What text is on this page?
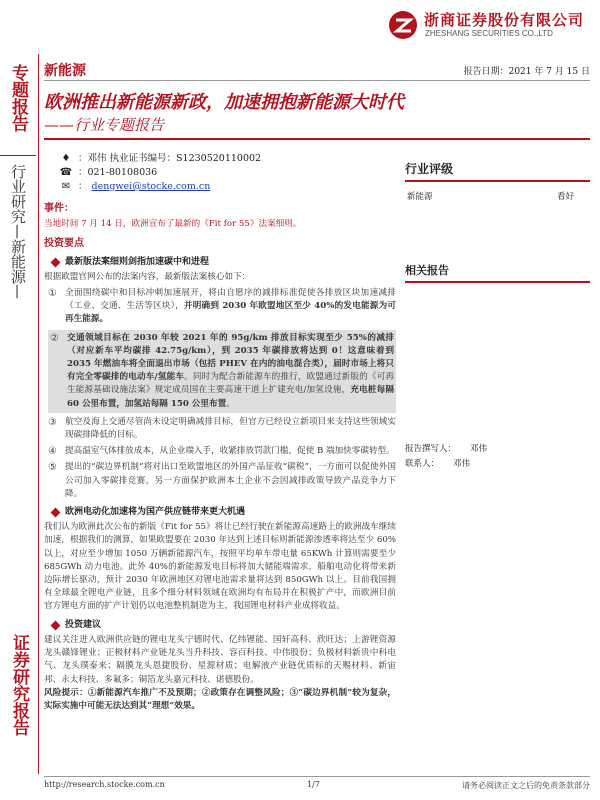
浙商证券股份有限公司
ZHESHANG SECURITIES CO.,LTD
专题报告
行业研究—新能源—
证券研究报告
新能源	报告日期：2021 年 7 月 15 日
欧洲推出新能源新政，加速拥抱新能源大时代
——行业专题报告
♦ ：邓伟 执业证书编号：S1230520110002
☎ ：021-80108036
✉ ： dengwei@stocke.com.cn
事件：
当地时间 7 月 14 日，欧洲宣布了最新的《Fit for 55》法案细则。
投资要点
最新版法案细则剑指加速碳中和进程
根据欧盟官网公布的法案内容，最新版法案核心如下：
① 全面围绕碳中和目标冲刺加速展开，将由自愿序的减排标准促使各排放区块加速减排（工业、交通、生活等区块），并明确到 2030 年欧盟地区至少 40%的发电能源为可再生能源。
② 交通领域目标在 2030 年较 2021 年的 95g/km 排放目标实现至少 55%的减排（对应新车平均碳排 42.75g/km），到 2035 年碳排放将达到 0！这意味着到 2035 年燃油车将全面退出市场（包括 PHEV 在内的油电混合类），届时市场上将只有完全零碳排的电动车/氢能车。同时为配合新能源车的推行，欧盟通过新版的《可再生能源基础设施法案》规定成员国在主要高速干道上扩建充电/加氢设施，充电桩每隔 60 公里布置，加氢站每隔 150 公里布置。
③ 航空及海上交通尽管尚未设定明确减排目标，但官方已经设立新项目来支持这些领域实现碳排降低的目标。
④ 提高温室气体排放成本，从企业端入手，收紧排放罚款门槛，促使 B 端加快零碳转型。
⑤ 提出的“碳边界机制”将对出口至欧盟地区的外国产品征收“碳税”，一方面可以促使外国公司加入零碳排竞赛，另一方面保护欧洲本土企业不会因减排政策导致产品竞争力下降。
欧洲电动化加速将为国产供应链带来更大机遇
我们认为欧洲此次公布的新版《Fit for 55》将让已经行驶在新能源高速路上的欧洲战车继续加速，根据我们的测算，如果欧盟要在 2030 年达到上述目标则新能源渗透率将达至少 60%以上，对应至少增加 1050 万辆新能源汽车，按照平均单车带电量 65KWh 计算则需要至少 685GWh 动力电池。此外 40%的新能源发电目标将加大储能端需求，船舶电动化将带来新边际增长驱动，预计 2030 年欧洲地区对锂电池需求量将达到 850GWh 以上。目前我国拥有全球最全锂电产业链，且多个细分材料领域在欧洲均有布局并在积极扩产中，而欧洲目前官方锂电方面的扩产计划仍以电池整机制造为主，我国锂电材料产业成将收益。
投资建议
建议关注进入欧洲供应链的锂电龙头宁德时代、亿纬锂能、国轩高科、欣旺达；上游锂资源龙头赣锋锂业；正极材料产业链龙头当升科技、容百科技、中伟股份；负极材料新贵中科电气、龙头璞泰来；隔膜龙头恩捷股份、星源材质；电解液产业链优质标的天赐材料、新宙邦、永太科技、多氟多；铜箔龙头嘉元科技、诺德股份。
风险提示：①新能源汽车推广不及预期；②政策存在调整风险；③“碳边界机制”较为复杂，实际实施中可能无法达到其“理想”效果。
行业评级
新能源	看好
相关报告
报告撰写人： 邓伟
联系人： 邓伟
http://research.stocke.com.cn	1/7	请务必阅读正文之后的免责条款部分
